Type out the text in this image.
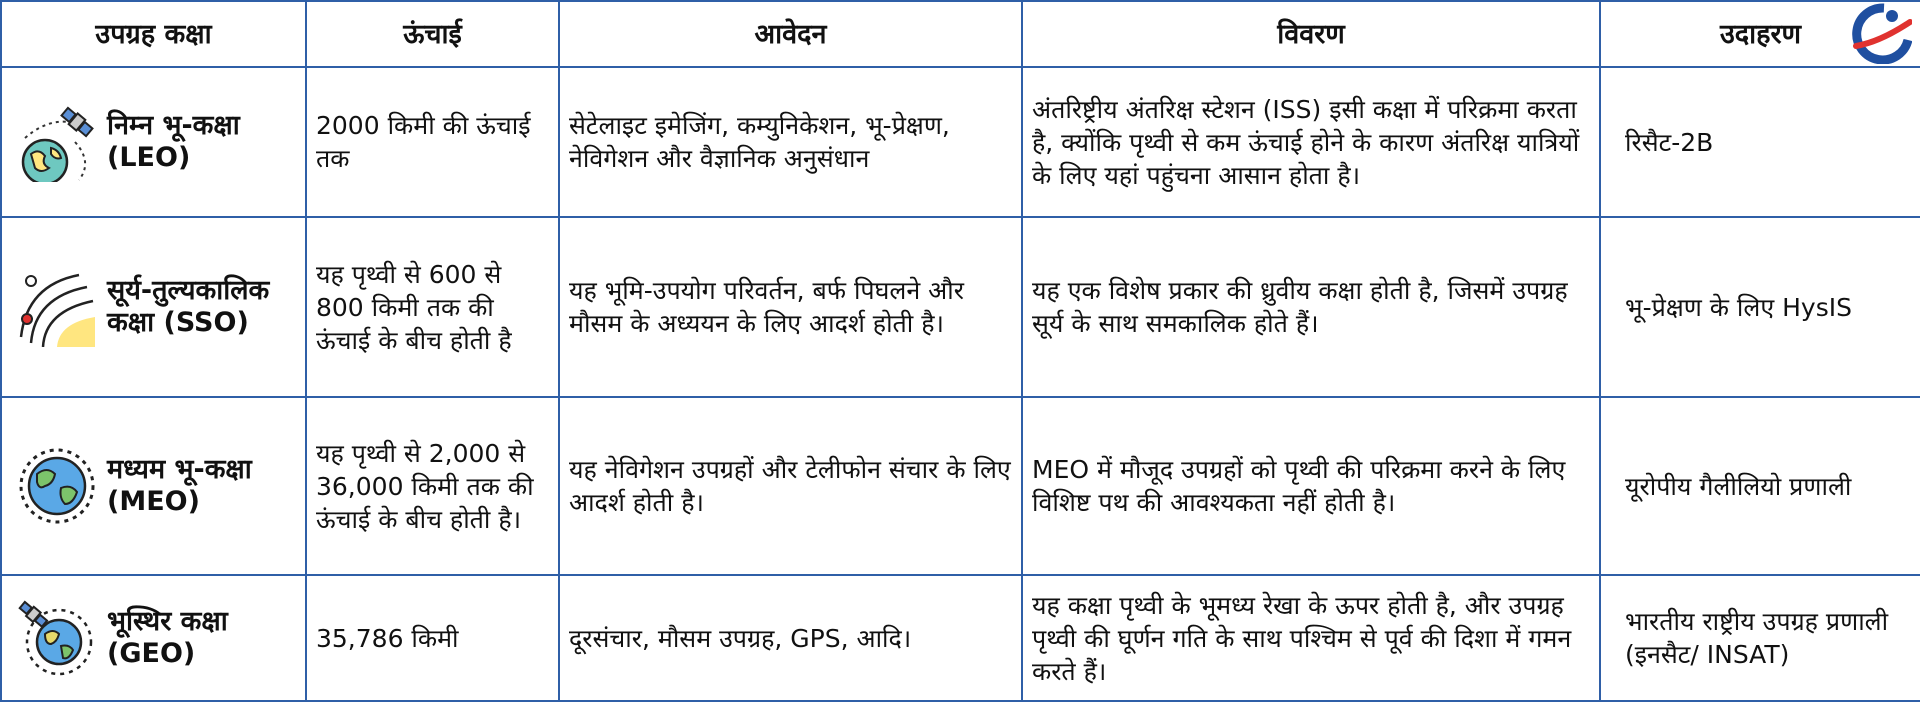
उपग्रह कक्षा	ऊंचाई	आवेदन	विवरण	उदाहरण

निम्न भू-कक्षा (LEO)	2000 किमी की ऊंचाई तक	सेटेलाइट इमेजिंग, कम्युनिकेशन, भू-प्रेक्षण, नेविगेशन और वैज्ञानिक अनुसंधान	अंतरिष्ट्रीय अंतरिक्ष स्टेशन (ISS) इसी कक्षा में परिक्रमा करता है, क्योंकि पृथ्वी से कम ऊंचाई होने के कारण अंतरिक्ष यात्रियों के लिए यहां पहुंचना आसान होता है।	रिसैट-2B

सूर्य-तुल्यकालिक कक्षा (SSO)	यह पृथ्वी से 600 से 800 किमी तक की ऊंचाई के बीच होती है	यह भूमि-उपयोग परिवर्तन, बर्फ पिघलने और मौसम के अध्ययन के लिए आदर्श होती है।	यह एक विशेष प्रकार की ध्रुवीय कक्षा होती है, जिसमें उपग्रह सूर्य के साथ समकालिक होते हैं।	भू-प्रेक्षण के लिए HysIS

मध्यम भू-कक्षा (MEO)	यह पृथ्वी से 2,000 से 36,000 किमी तक की ऊंचाई के बीच होती है।	यह नेविगेशन उपग्रहों और टेलीफोन संचार के लिए आदर्श होती है।	MEO में मौजूद उपग्रहों को पृथ्वी की परिक्रमा करने के लिए विशिष्ट पथ की आवश्यकता नहीं होती है।	यूरोपीय गैलीलियो प्रणाली

भूस्थिर कक्षा (GEO)	35,786 किमी	दूरसंचार, मौसम उपग्रह, GPS, आदि।	यह कक्षा पृथ्वी के भूमध्य रेखा के ऊपर होती है, और उपग्रह पृथ्वी की घूर्णन गति के साथ पश्चिम से पूर्व की दिशा में गमन करते हैं।	भारतीय राष्ट्रीय उपग्रह प्रणाली (इनसैट/ INSAT)
